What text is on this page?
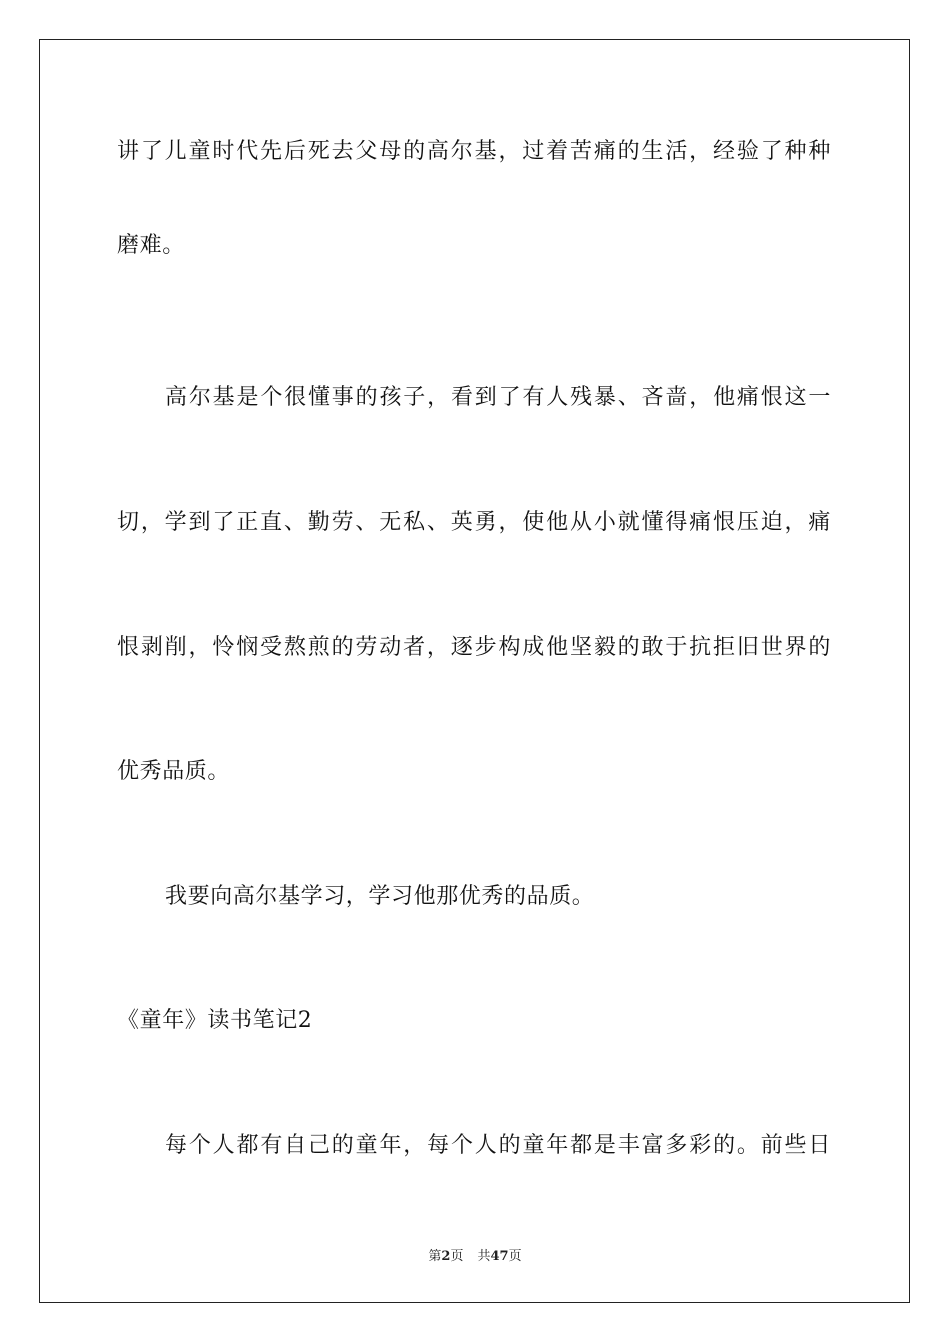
讲了儿童时代先后死去父母的高尔基，过着苦痛的生活，经验了种种
磨难。
高尔基是个很懂事的孩子，看到了有人残暴、吝啬，他痛恨这一
切，学到了正直、勤劳、无私、英勇，使他从小就懂得痛恨压迫，痛
恨剥削，怜悯受熬煎的劳动者，逐步构成他坚毅的敢于抗拒旧世界的
优秀品质。
我要向高尔基学习，学习他那优秀的品质。
《童年》读书笔记2
每个人都有自己的童年，每个人的童年都是丰富多彩的。前些日
第2页 共47页
